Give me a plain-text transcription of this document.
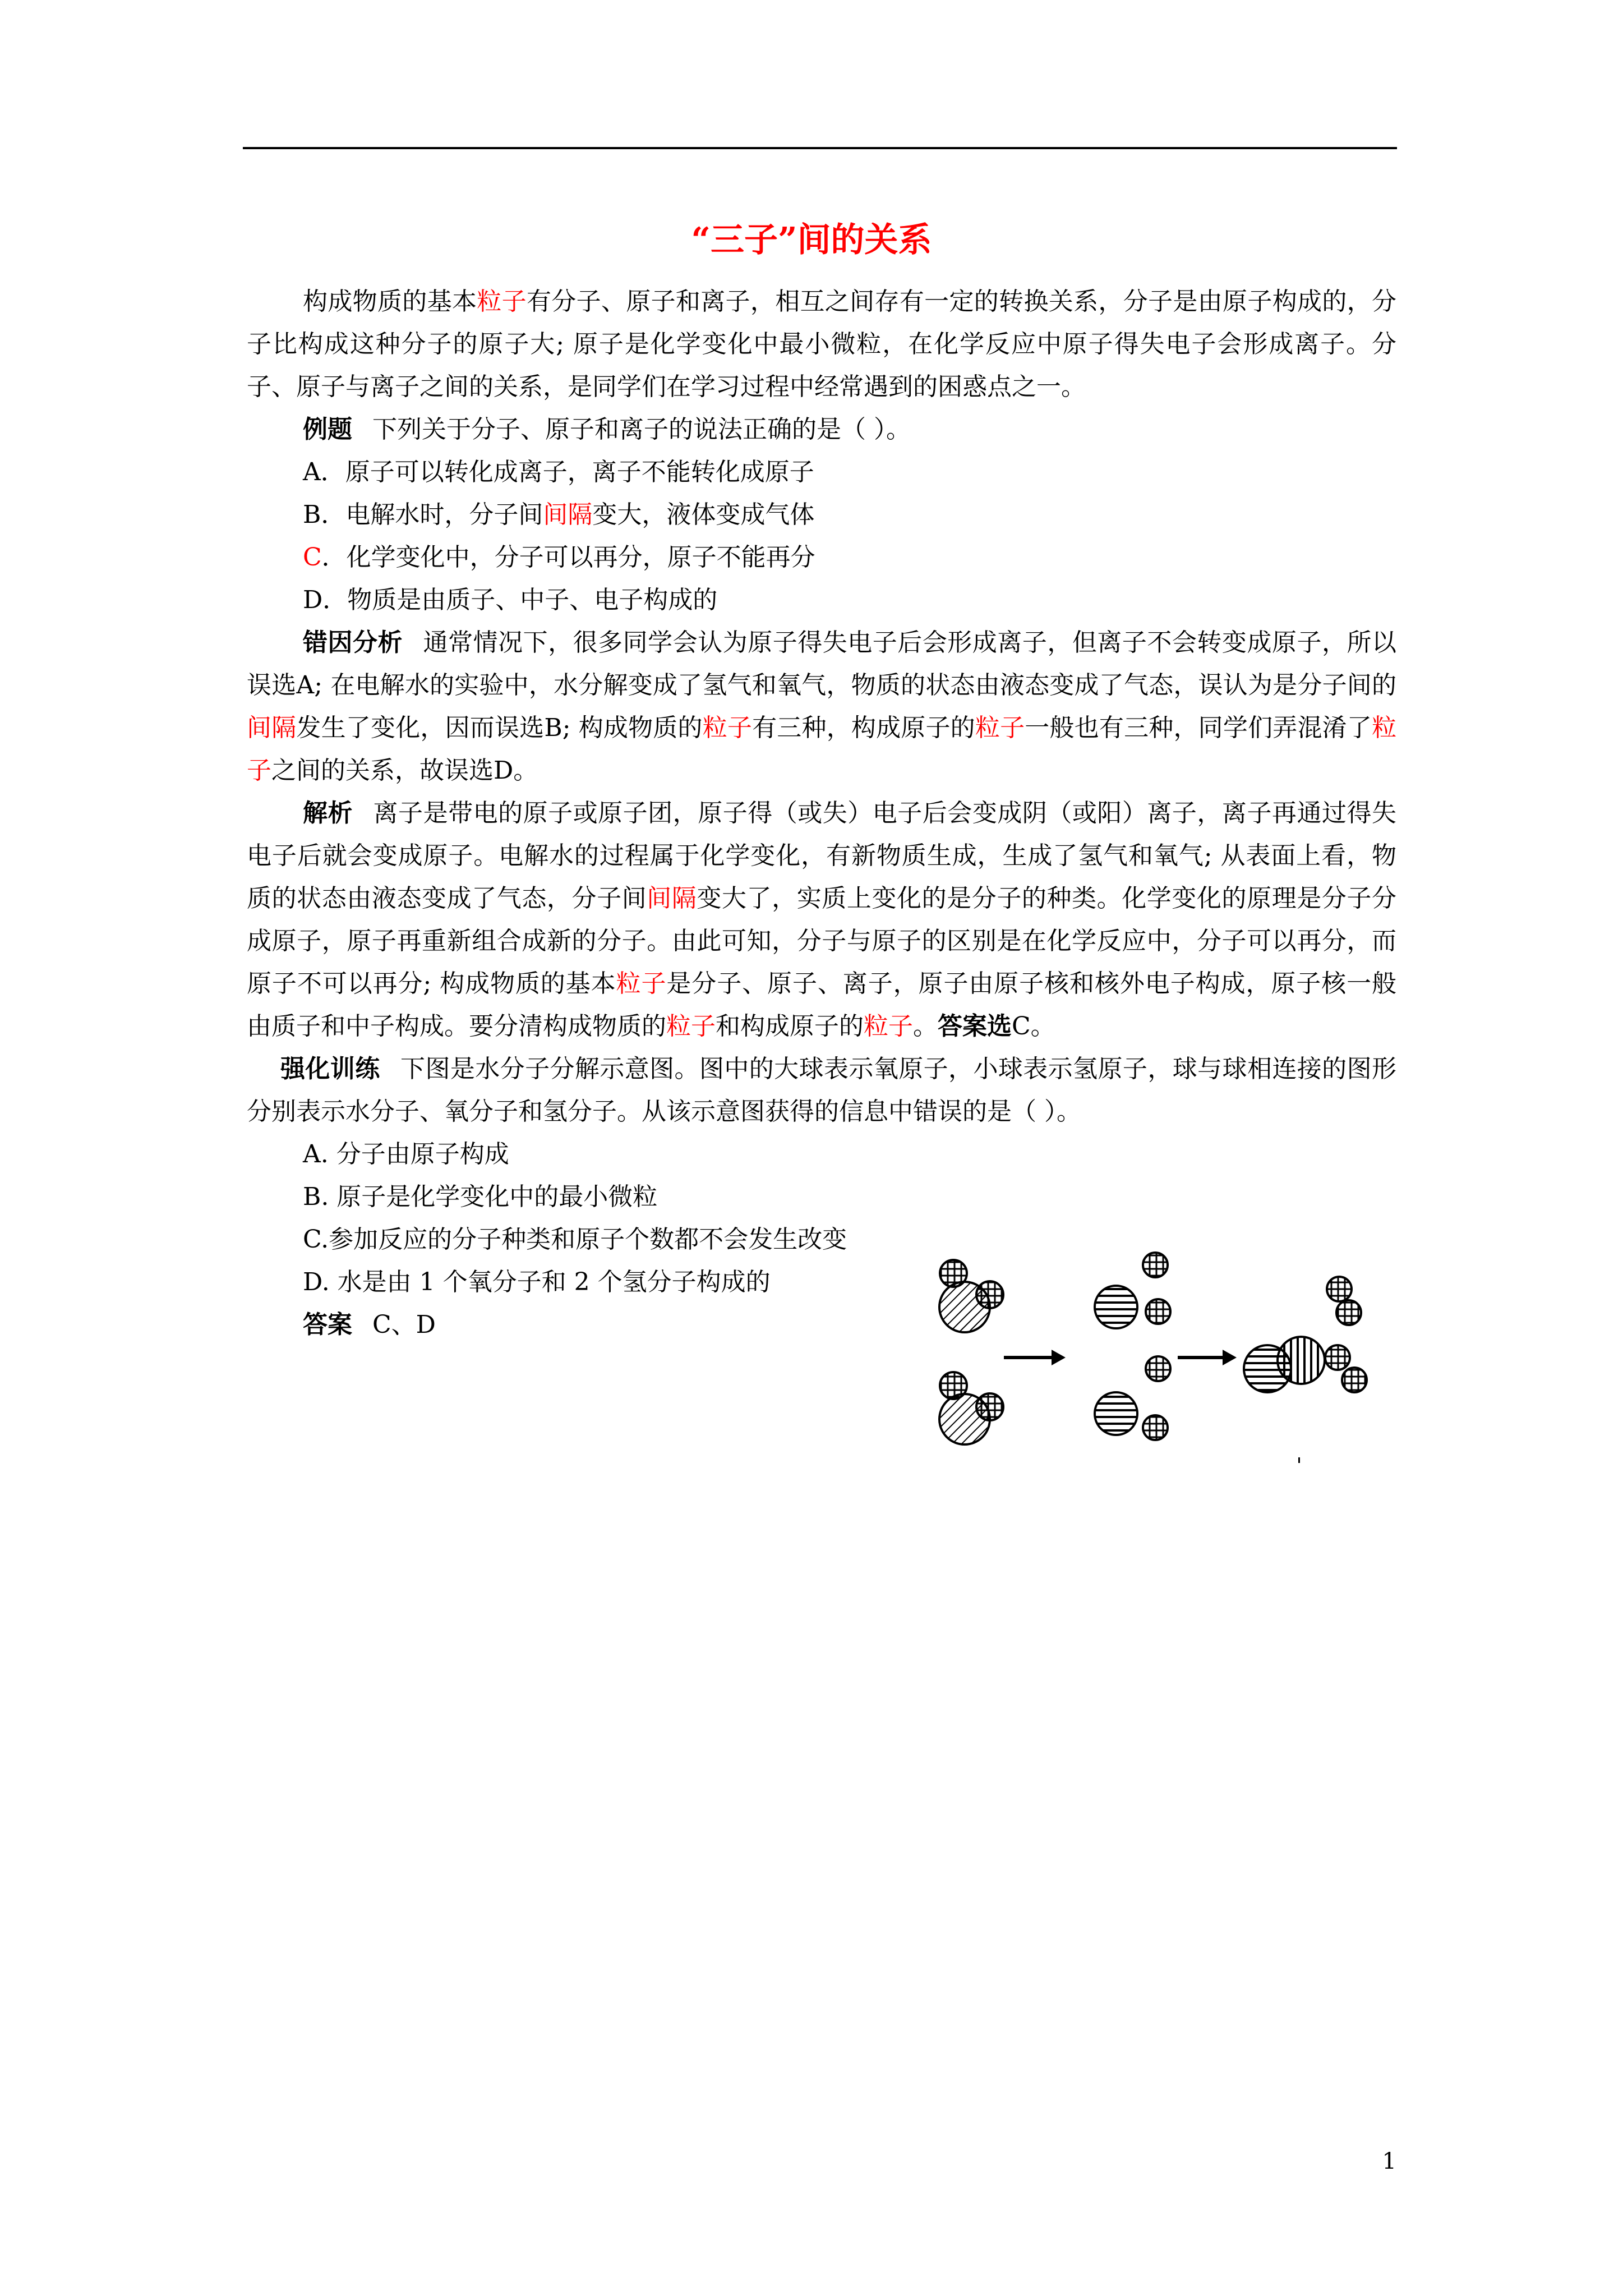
“三子”间的关系

构成物质的基本粒子有分子、原子和离子，相互之间存有一定的转换关系，分子是由原子构成的，分子比构成这种分子的原子大; 原子是化学变化中最小微粒，在化学反应中原子得失电子会形成离子。分子、原子与离子之间的关系，是同学们在学习过程中经常遇到的困惑点之一。

例题 下列关于分子、原子和离子的说法正确的是（ ）。

A．原子可以转化成离子，离子不能转化成原子

B．电解水时，分子间间隔变大，液体变成气体

C．化学变化中，分子可以再分，原子不能再分

D．物质是由质子、中子、电子构成的

错因分析 通常情况下，很多同学会认为原子得失电子后会形成离子，但离子不会转变成原子，所以误选A; 在电解水的实验中，水分解变成了氢气和氧气，物质的状态由液态变成了气态，误认为是分子间的间隔发生了变化，因而误选B; 构成物质的粒子有三种，构成原子的粒子一般也有三种，同学们弄混淆了粒子之间的关系，故误选D。

解析 离子是带电的原子或原子团，原子得（或失）电子后会变成阴（或阳）离子，离子再通过得失电子后就会变成原子。电解水的过程属于化学变化，有新物质生成，生成了氢气和氧气; 从表面上看，物质的状态由液态变成了气态，分子间间隔变大了，实质上变化的是分子的种类。化学变化的原理是分子分成原子，原子再重新组合成新的分子。由此可知，分子与原子的区别是在化学反应中，分子可以再分，而原子不可以再分; 构成物质的基本粒子是分子、原子、离子，原子由原子核和核外电子构成，原子核一般由质子和中子构成。要分清构成物质的粒子和构成原子的粒子。答案选C。

强化训练 下图是水分子分解示意图。图中的大球表示氧原子，小球表示氢原子，球与球相连接的图形分别表示水分子、氧分子和氢分子。从该示意图获得的信息中错误的是（ ）。

A. 分子由原子构成

B. 原子是化学变化中的最小微粒

C.参加反应的分子种类和原子个数都不会发生改变

D. 水是由 1 个氧分子和 2 个氢分子构成的

答案 C、D

1
